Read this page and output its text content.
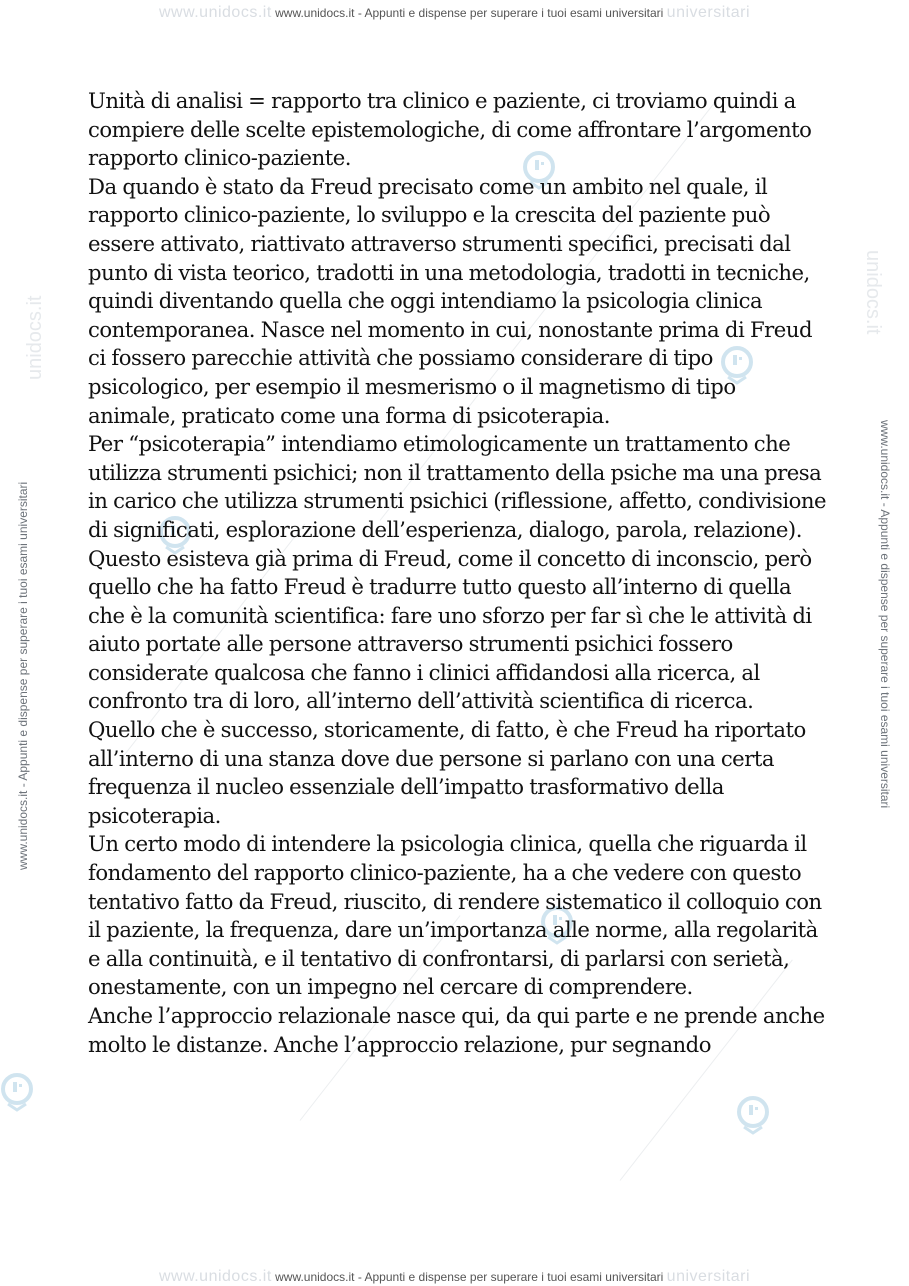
www.unidocs.it www.unidocs.it - Appunti e dispense per superare i tuoi esami universitari universitari
www.unidocs.it - Appunti e dispense per superare i tuoi esami universitari	www.unidocs.it - Appunti e dispense per superare i tuoi esami universitari
unidocs.it
unidocs.it

Unità di analisi = rapporto tra clinico e paziente, ci troviamo quindi a compiere delle scelte epistemologiche, di come affrontare l’argomento rapporto clinico-paziente.

Da quando è stato da Freud precisato come un ambito nel quale, il rapporto clinico-paziente, lo sviluppo e la crescita del paziente può essere attivato, riattivato attraverso strumenti specifici, precisati dal punto di vista teorico, tradotti in una metodologia, tradotti in tecniche, quindi diventando quella che oggi intendiamo la psicologia clinica contemporanea. Nasce nel momento in cui, nonostante prima di Freud ci fossero parecchie attività che possiamo considerare di tipo psicologico, per esempio il mesmerismo o il magnetismo di tipo animale, praticato come una forma di psicoterapia.

Per “psicoterapia” intendiamo etimologicamente un trattamento che utilizza strumenti psichici; non il trattamento della psiche ma una presa in carico che utilizza strumenti psichici (riflessione, affetto, condivisione di significati, esplorazione dell’esperienza, dialogo, parola, relazione).

Questo esisteva già prima di Freud, come il concetto di inconscio, però quello che ha fatto Freud è tradurre tutto questo all’interno di quella che è la comunità scientifica: fare uno sforzo per far sì che le attività di aiuto portate alle persone attraverso strumenti psichici fossero considerate qualcosa che fanno i clinici affidandosi alla ricerca, al confronto tra di loro, all’interno dell’attività scientifica di ricerca.

Quello che è successo, storicamente, di fatto, è che Freud ha riportato all’interno di una stanza dove due persone si parlano con una certa frequenza il nucleo essenziale dell’impatto trasformativo della psicoterapia.

Un certo modo di intendere la psicologia clinica, quella che riguarda il fondamento del rapporto clinico-paziente, ha a che vedere con questo tentativo fatto da Freud, riuscito, di rendere sistematico il colloquio con il paziente, la frequenza, dare un’importanza alle norme, alla regolarità e alla continuità, e il tentativo di confrontarsi, di parlarsi con serietà, onestamente, con un impegno nel cercare di comprendere.

Anche l’approccio relazionale nasce qui, da qui parte e ne prende anche molto le distanze. Anche l’approccio relazione, pur segnando

www.unidocs.it www.unidocs.it - Appunti e dispense per superare i tuoi esami universitari universitari
